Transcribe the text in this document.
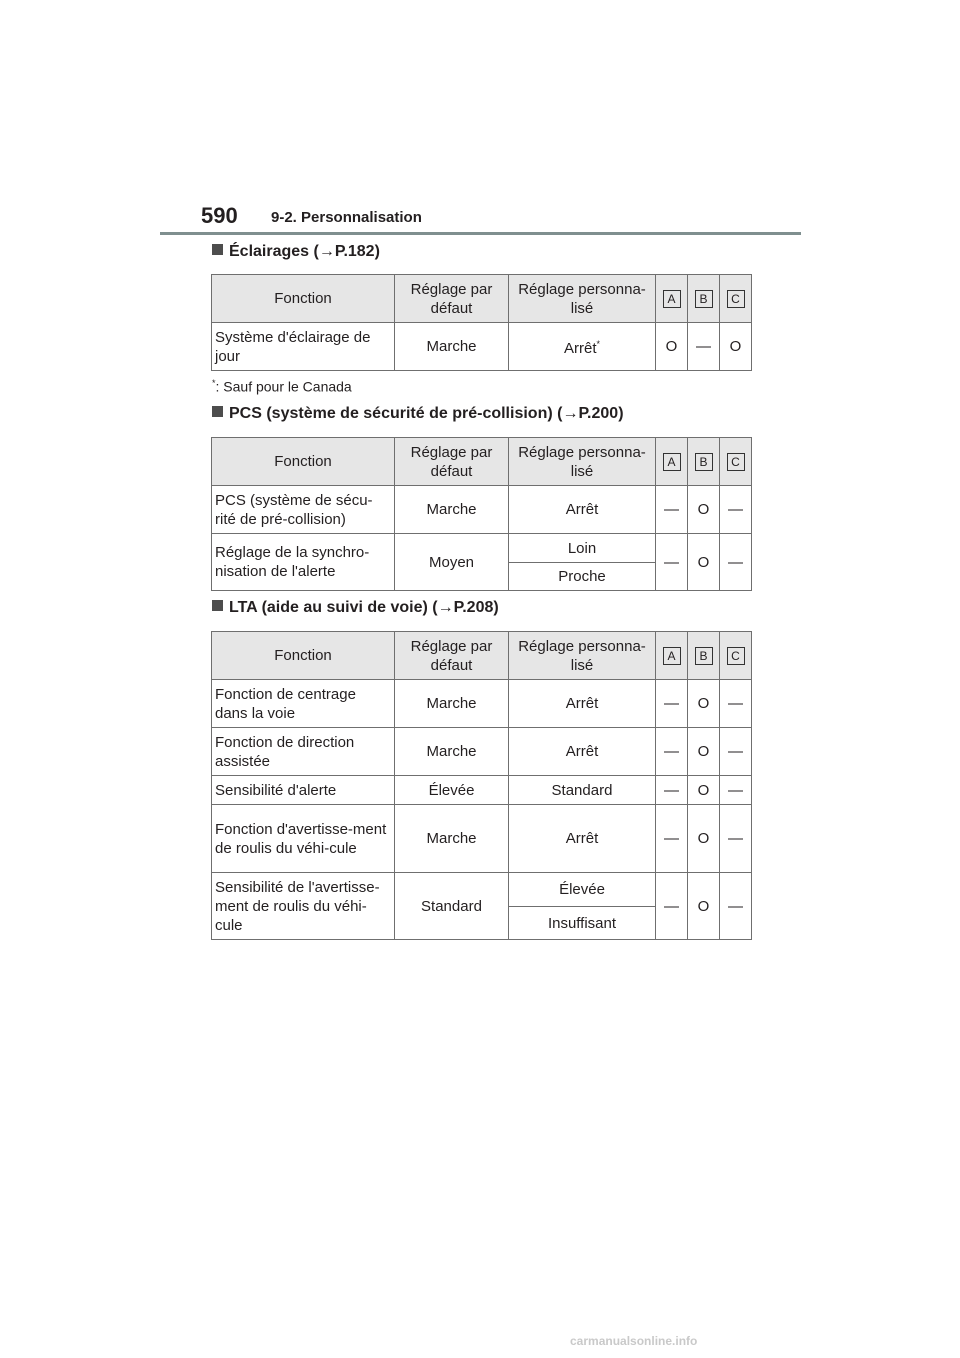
590 9-2. Personnalisation
Éclairages (→P.182)
Fonction	Réglage par défaut	Réglage personna-lisé	A	B	C
Système d'éclairage de jour	Marche	Arrêt*	O	—	O
*: Sauf pour le Canada
PCS (système de sécurité de pré-collision) (→P.200)
Fonction	Réglage par défaut	Réglage personna-lisé	A	B	C
PCS (système de sécu-rité de pré-collision)	Marche	Arrêt	—	O	—
Réglage de la synchro-nisation de l'alerte	Moyen	Loin	—	O	—
		Proche			
LTA (aide au suivi de voie) (→P.208)
Fonction	Réglage par défaut	Réglage personna-lisé	A	B	C
Fonction de centrage dans la voie	Marche	Arrêt	—	O	—
Fonction de direction assistée	Marche	Arrêt	—	O	—
Sensibilité d'alerte	Élevée	Standard	—	O	—
Fonction d'avertisse-ment de roulis du véhi-cule	Marche	Arrêt	—	O	—
Sensibilité de l'avertisse-ment de roulis du véhi-cule	Standard	Élevée	—	O	—
		Insuffisant			
carmanualsonline.info
